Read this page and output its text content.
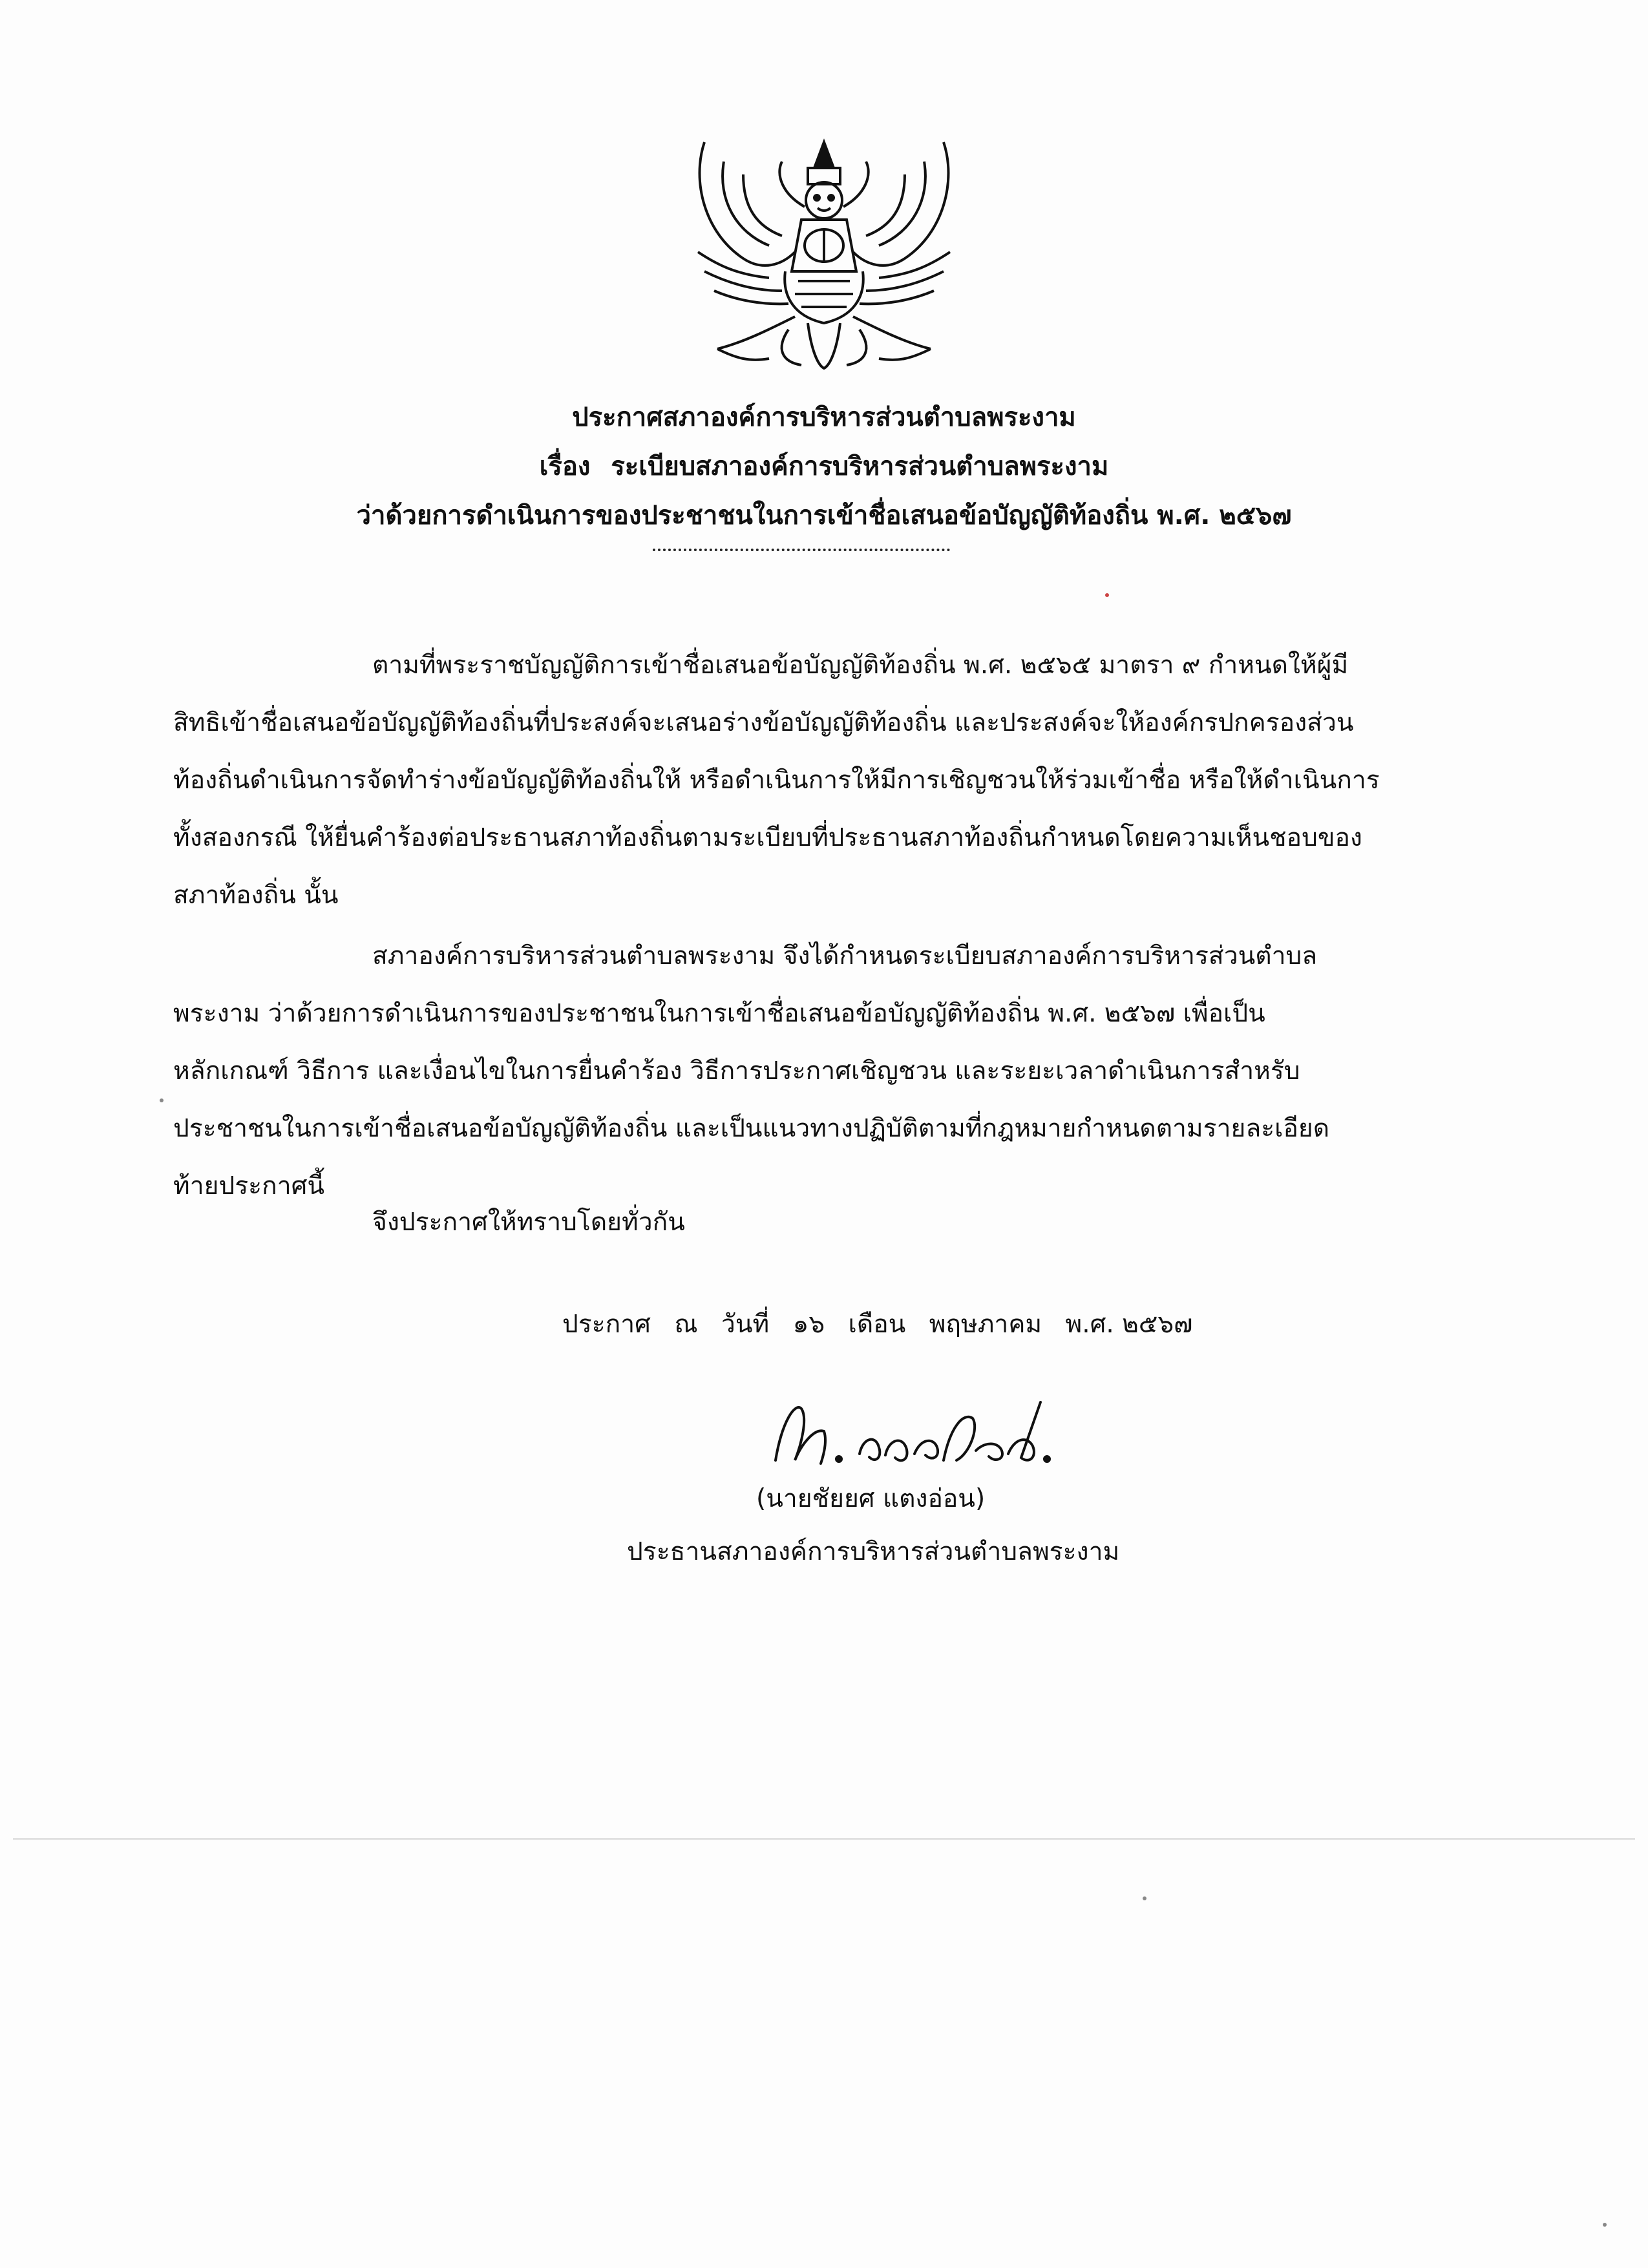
ประกาศสภาองค์การบริหารส่วนตำบลพระงาม
เรื่อง ระเบียบสภาองค์การบริหารส่วนตำบลพระงาม
ว่าด้วยการดำเนินการของประชาชนในการเข้าชื่อเสนอข้อบัญญัติท้องถิ่น พ.ศ. ๒๕๖๗
ตามที่พระราชบัญญัติการเข้าชื่อเสนอข้อบัญญัติท้องถิ่น พ.ศ. ๒๕๖๕ มาตรา ๙ กำหนดให้ผู้มี
สิทธิเข้าชื่อเสนอข้อบัญญัติท้องถิ่นที่ประสงค์จะเสนอร่างข้อบัญญัติท้องถิ่น และประสงค์จะให้องค์กรปกครองส่วน
ท้องถิ่นดำเนินการจัดทำร่างข้อบัญญัติท้องถิ่นให้ หรือดำเนินการให้มีการเชิญชวนให้ร่วมเข้าชื่อ หรือให้ดำเนินการ
ทั้งสองกรณี ให้ยื่นคำร้องต่อประธานสภาท้องถิ่นตามระเบียบที่ประธานสภาท้องถิ่นกำหนดโดยความเห็นชอบของ
สภาท้องถิ่น นั้น
สภาองค์การบริหารส่วนตำบลพระงาม จึงได้กำหนดระเบียบสภาองค์การบริหารส่วนตำบล
พระงาม ว่าด้วยการดำเนินการของประชาชนในการเข้าชื่อเสนอข้อบัญญัติท้องถิ่น พ.ศ. ๒๕๖๗ เพื่อเป็น
หลักเกณฑ์ วิธีการ และเงื่อนไขในการยื่นคำร้อง วิธีการประกาศเชิญชวน และระยะเวลาดำเนินการสำหรับ
ประชาชนในการเข้าชื่อเสนอข้อบัญญัติท้องถิ่น และเป็นแนวทางปฏิบัติตามที่กฎหมายกำหนดตามรายละเอียด
ท้ายประกาศนี้
จึงประกาศให้ทราบโดยทั่วกัน
ประกาศ ณ วันที่ ๑๖ เดือน พฤษภาคม พ.ศ. ๒๕๖๗
(นายชัยยศ แตงอ่อน)
ประธานสภาองค์การบริหารส่วนตำบลพระงาม
